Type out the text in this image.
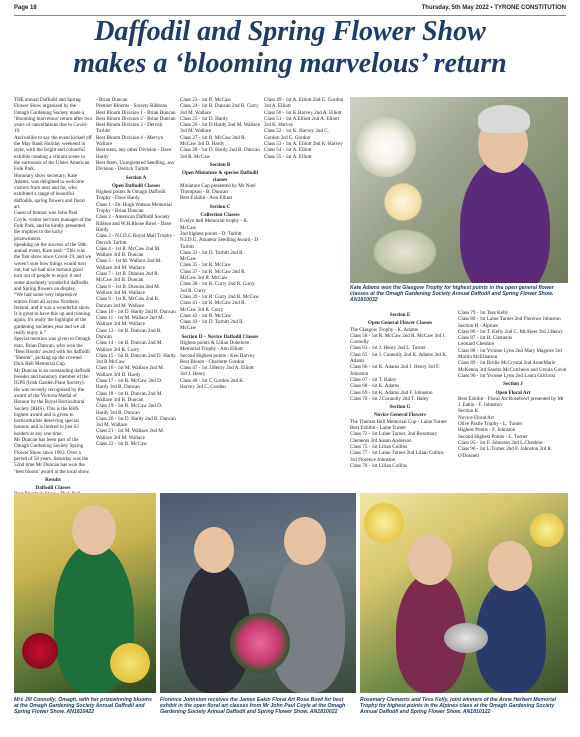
Page 18	Thursday, 5th May 2022 • TYRONE CONSTITUTION
Daffodil and Spring Flower Show
makes a ‘blooming marvelous’ return

THE annual Daffodil and Spring Flower Show organised by the Omagh Gardening Society made a ‘blooming marvelous’ return after two years of cancellations due to Covid-19.

And unlike to say the event kicked off the May Bank Holiday weekend in style, with the bright and colourful exhibits creating a vibrant scene in the surrounds of the Ulster American Folk Park.

Honorary show secretary, Kate Adams, was delighted to welcome visitors from near and far, who exhibited a range of beautiful daffodils, spring flowers and floral art.

Guest of honour was John Paul Coyle, visitor services manager of the Folk Park, and he kindly presented the trophies to the lucky prizewinners.

Speaking on the success of the 58th annual event, Kate said: “This was the first show since Covid-19, and we weren't sure how things would turn out, but we had nice turnout good turn out of people to enjoy it and some absolutely wonderful daffodils and Spring flowers on display.

“We had some very impressive entries from all across Northern Ireland, and it was a wonderful show. It is great to have this up and running again, it's really the highlight of the gardening societies year and we all really enjoy it.”

Special mention was given to Omagh man, Brian Duncan, who won the ‘Best Bloom’ award with his daffodil ‘Sheshir’, picking up the coveted Dick Bell Memorial Cup.

Mr Duncan is an outstanding daffodil breeder and honorary member of the IGPS (Irish Garden Plant Society). He was recently recognised by the award of the Victoria Medal of Honour by the Royal Horticultural Society (RHS). This is the RHS highest award and is given to horticulturists deserving special honour, and is limited to just 63 holders at any one time.

Mr Duncan has been part of the Omagh Gardening Society Spring Flower Show since 1963. Over a period of 58 years, Saturday was the 52nd time Mr Duncan has won the ‘best bloom’ award at the local show.

Results

Daffodil Classes

- Brian Duncan

Premier Blooms - Society Ribbons

Best Bloom Division 1 - Brian Duncan

Best Bloom Division 2 - Brian Duncan

Best Bloom Division 3 - Derrick Turbitt

Best Bloom Division 4 - Mervyn Wallace

Best stem, any other Division - Dave Hardy

Best Stem, Unregistered Seedling, any Division - Derrick Turbitt

Section A

Open Daffodil Classes

Highest points & Omagh Daffodil Trophy - Dave Hardy

Class 1 - Dr. Hugh Watson Memorial Trophy - Brian Duncan

Class 2 - American Daffodil Society Ribbon and W.H.Rhose Bowl - Dave Hardy

Class 3 - N.I.D.G Royal Mail Trophy - Derrick Turbitt

Class 4 - 1st R. McCaw 2nd M. Wallace 3rd B. Duncan

Class 5 - 1st M. Wallace 2nd M. Wallace 3rd M. Wallace

Class 7 - 1st B. Duncan 2nd R. McCaw 3rd B. Duncan

Class 8 - 1st B. Duncan 2nd M. Wallace 3rd M. Wallace

Class 9 - 1st R. McCaw 2nd B. Duncan 3rd M. Wallace

Class 10 - 1st D. Hardy 2nd B. Duncan

Class 11 - 1st M. Wallace 2nd M. Wallace 3rd M. Wallace

Class 12 - 1st B. Duncan 2nd B. Duncan

Class 14 - 1st B. Duncan 2nd M. Wallace 3rd R. Curry

Class 15 - 1st B. Duncan 2nd D. Hardy 3rd R McCaw

Class 16 - 1st M. Wallace 2nd M. Wallace 3rd D. Hardy

Class 17 - 1st R. McCaw 2nd D. Hardy 3rd B. Duncan

Class 18 - 1st B. Duncan 2nd M. Wallace 3rd B. Duncan

Class 19 - 1st R. McCaw 2nd D. Hardy 3rd B. Duncan

Class 20 - 1st D. Hardy 2nd B. Duncan 3rd M. Wallace

Class 21 - 1st M. Wallace 2nd M. Wallace 3rd M. Wallace

Class 22 - 1st R. McCaw

Class 23 - 1st R. McCaw

Class 24 - 1st B. Duncan 2nd R. Curry 3rd M. Wallace

Class 25 - 1st D. Hardy

Class 26 - 1st D.Hardy 2nd M. Wallace 3rd M. Wallace

Class 27 - 1st R. McCaw 2nd R. McCaw 3rd D. Hardy

Class 28 - 1st D. Hardy 2nd B. Duncan 3rd R. McCaw

Section B

Open Miniature & species Daffodil classes

Miniature Cup presented by Mr Noel Thompson - B. Duncan

Best Exhibit - Ann Elliott

Section C

Collection Classes

Evelyn bell Memorial trophy - R. McCaw

2nd highest points - D. Turbitt

N.I.D.G. Amateur Seedling Award - D Turbitt

Class 33 - 1st D. Turbitt 2nd R. McCaw

Class 35 - 1st R. McCaw

Class 37 - 1st R. McCaw 2nd R. McCaw 3rd R. McCaw

Class 38 - 1st R. Curry 2nd R. Curry 3rd R. Curry

Class 39 - 1st R. Curry 2nd R. McCaw

Class 41 - 1st R. McCaw 2nd R. McCaw 3rd R. Curry

Class 42 - 1st R. McCaw

Class 43 - 1st D. Turbitt 2nd R. McCaw

Section D – Novice Daffodil Classes

Highest points & Lilian Dobelove Memorial Trophy - Ann Elliott

Second Highest points - Ken Harvey

Best Bloom - Charlotte Gordon

Class 47 - 1st J.Henry 2nd A. Elliott 3rd J. Henry

Class 48 - 1st C.Gordon 2nd K. Harvey 3rd C. Gordon

Class 49 - 1st A. Elliott 2nd C. Gordon 3rd A. Elliott

Class 50 - 1st K.Harvey 2nd A. Elliott

Class 51 - 1st A.Elliott 2nd A. Elliott 3rd K. Harvey

Class 52 - 1st K. Harvey 2nd C. Gordon 3rd C. Gordon

Class 53 - 1st A. Elliott 2nd K. Harvey

Class 54 - 1st A. Elliott

Class 55 - 1st A. Elliott

Kate Adams won the Glasgow Trophy for highest points in the open general flower classes at the Omagh Gardening Society Annual Daffodil and Spring Flower Show. AN1810032

Section E

Open General Flower Classes

The Glasgow Trophy - K. Adams

Class 58 - 1st R. McCaw 2nd R. McCaw 3rd J. Connolly

Class 63 - 1st J. Henry 2nd L. Turner

Class 65 - 1st J. Connolly 2nd K. Adams 3rd K. Adams

Class 66 - 1st K. Adams 2nd J. Henry 3rd F. Johnston

Class 67 - 1st T. Haley

Class 68 - 1st K. Adams

Class 69 - 1st K. Adams 2nd F. Johnston

Class 70 - 1st J.Connolly 2nd T. Haley

Section G

Novice General Flowers

The Thomas Bell Memorial Cup - Laine Turner

Best Exhibit - Laine Turner

Class 72 - 1st Laine Turner. 2nd Rosemary Clements 3rd Susan Anderson

Class 75 - 1st Lilian Collins

Class 77 - 1st Laine Turner 2nd Lilian Collins 3rd Florence Johnston

Class 78 - 1st Lilian Collins

Class 79 - 1st Tess Kelly

Class 80 - 1st Laine Turner 2nd Florence Johnston

Section H - Alpines

Class 86 - 1st T. Kelly 2nd C. McAleer 3rd J.Henry

Class 87 - 1st R. Clements

Leonard Cheshire

Class 88 - 1st Yvonne Lynn 2nd Mary Maguire 3rd Martin McElhatton

Class 89 - 1st Bridie McCrystal 2nd AnneMarie McKenna 3rd Sandra McCutcheon and Ursula Gavin

Class 90 - 1st Yvonne Lynn 2nd Laura Gilchrist

Section J

Open Floral Art

Best Exhibit - Floral Art Rosebowl presented by Mr J. Eakin - F. Johnston

Section K

Novice Floral Art

Olive Pastle Trophy - L. Turner

Highest Points - F. Johnston

Second Highest Points - L. Turner

Class 95 - 1st F. Johnston 2nd L.Cheshire

Class 96 - 1st L.Turner 2nd F. Johnston 3rd R. O'Donnell

Mrs Jill Connolly, Omagh, with her prizewinning blooms at the Omagh Gardening Society Annual Daffodil and Spring Flower Show. AN1810422
Florence Johnston receives the James Eakin Floral Art Rose Bowl for best exhibit in the open floral art classes from Mr John Paul Coyle at the Omagh Gardening Society Annual Daffodil and Spring Flower Show. AN1810022
Rosemary Clements and Tess Kelly, joint winners of the Anne Herbert Memorial Trophy for highest points in the Alpines class at the Omagh Gardening Society Annual Daffodil and Spring Flower Show. AN1810122
